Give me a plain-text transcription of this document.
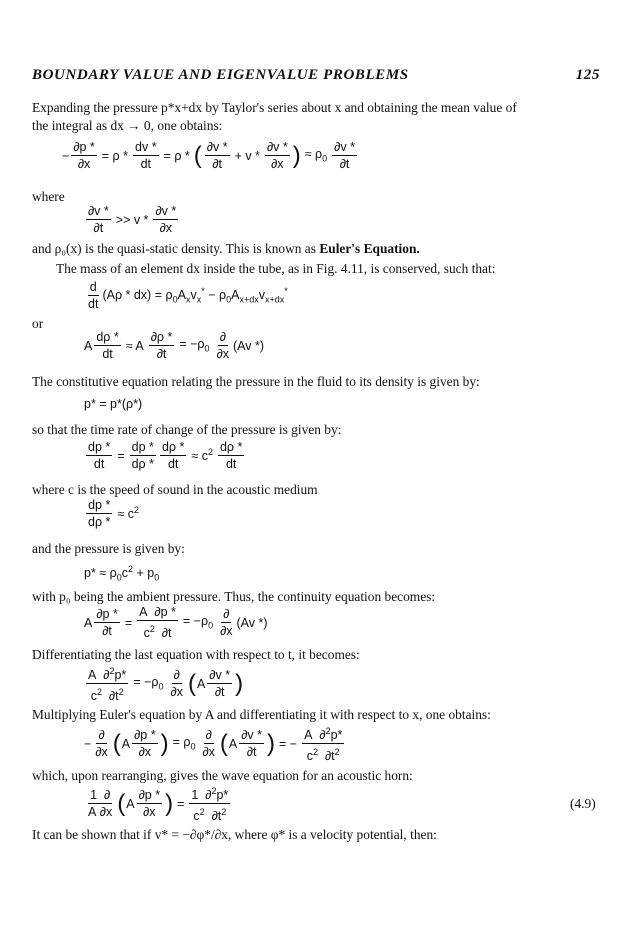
BOUNDARY VALUE AND EIGENVALUE PROBLEMS	125
Expanding the pressure p*x+dx by Taylor's series about x and obtaining the mean value of
the integral as dx → 0, one obtains:
− $\frac{\partial p *}{\partial x} = \rho * \frac{dv *}{dt} = \rho$ * ( $\frac{\partial v *}{\partial t} + v * \frac{\partial v *}{\partial x}$ ) ≈ $\rho_0 \frac{\partial v *}{\partial t}$
where
$\frac{\partial v *}{\partial t} >> v * \frac{\partial v *}{\partial x}$
and ρ₀(x) is the quasi-static density. This is known as Euler's Equation.
The mass of an element dx inside the tube, as in Fig. 4.11, is conserved, such that:
$\frac{d}{dt} (A\rho * dx) = \rho_0A_xv_x^* - \rho_0A_{x+dx}v_{x+dx}^*$
or
A $\frac{d\rho *}{dt} \approx A \frac{\partial\rho *}{\partial t} = -\rho_0 \frac{\partial}{\partial x} (Av$ *)
The constitutive equation relating the pressure in the fluid to its density is given by:
p* = p*(ρ*)
so that the time rate of change of the pressure is given by:
$\frac{dp *}{dt} = \frac{dp *}{d\rho *} \frac{d\rho *}{dt} \approx c^2 \frac{d\rho *}{dt}$
where c is the speed of sound in the acoustic medium
$\frac{dp *}{d\rho *} \approx c^2$
and the pressure is given by:
$p* \approx \rho_0c^2 + p_0$
with p₀ being the ambient pressure. Thus, the continuity equation becomes:
A $\frac{\partial p *}{\partial t} = \frac{A \partial p *}{c^2 \partial t} = -\rho_0 \frac{\partial}{\partial x} (Av$ *)
Differentiating the last equation with respect to t, it becomes:
$\frac{A \partial^2p*}{c^2 \partial t^2} = -\rho_0 \frac{\partial}{\partial x}$ ( A $\frac{\partial v *}{\partial t}$ )
Multiplying Euler's equation by A and differentiating it with respect to x, one obtains:
− $\frac{\partial}{\partial x}$ ( A $\frac{\partial p *}{\partial x}$ ) = $\rho_0 \frac{\partial}{\partial x}$ ( A $\frac{\partial v *}{\partial t}$ ) = − $\frac{A \partial^2p*}{c^2 \partial t^2}$
which, upon rearranging, gives the wave equation for an acoustic horn:
$\frac{1 \partial}{A \partial x}$ ( A $\frac{\partial p *}{\partial x}$ ) = $\frac{1 \partial^2p*}{c^2 \partial t^2}$	(4.9)
It can be shown that if v* = −∂φ*/∂x, where φ* is a velocity potential, then:
